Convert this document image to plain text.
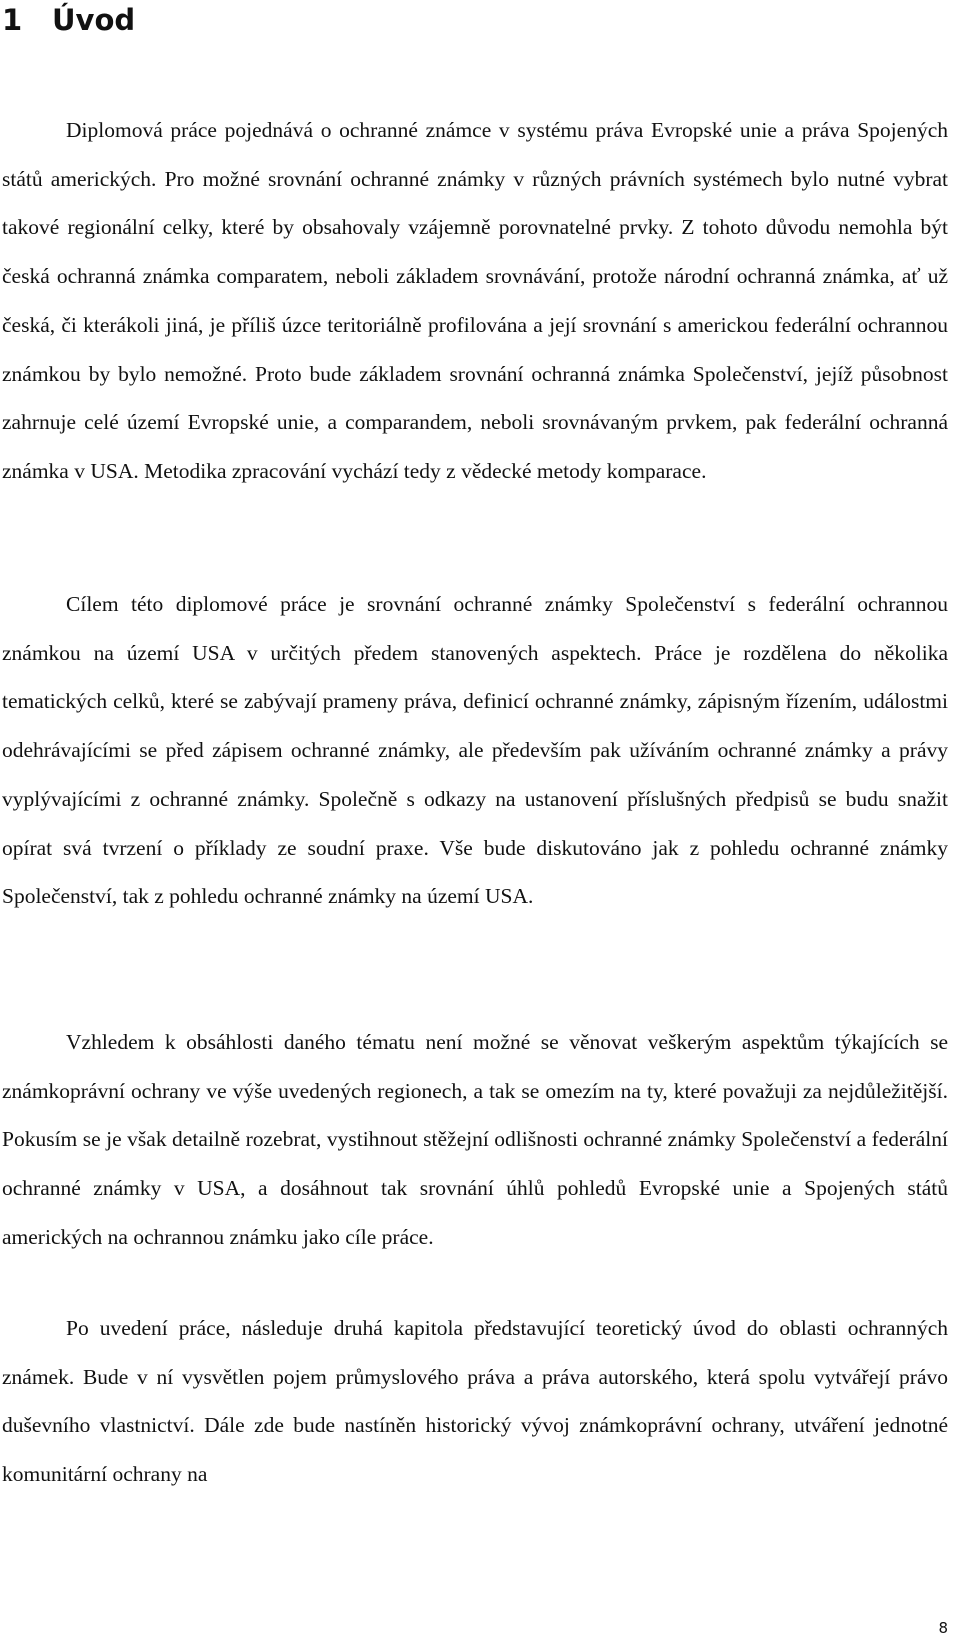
1 Úvod

Diplomová práce pojednává o ochranné známce v systému práva Evropské unie a práva Spojených států amerických. Pro možné srovnání ochranné známky v různých právních systémech bylo nutné vybrat takové regionální celky, které by obsahovaly vzájemně porovnatelné prvky. Z tohoto důvodu nemohla být česká ochranná známka comparatem, neboli základem srovnávání, protože národní ochranná známka, ať už česká, či kterákoli jiná, je příliš úzce teritoriálně profilována a její srovnání s americkou federální ochrannou známkou by bylo nemožné. Proto bude základem srovnání ochranná známka Společenství, jejíž působnost zahrnuje celé území Evropské unie, a comparandem, neboli srovnávaným prvkem, pak federální ochranná známka v USA. Metodika zpracování vychází tedy z vědecké metody komparace.

Cílem této diplomové práce je srovnání ochranné známky Společenství s federální ochrannou známkou na území USA v určitých předem stanovených aspektech. Práce je rozdělena do několika tematických celků, které se zabývají prameny práva, definicí ochranné známky, zápisným řízením, událostmi odehrávajícími se před zápisem ochranné známky, ale především pak užíváním ochranné známky a právy vyplývajícími z ochranné známky. Společně s odkazy na ustanovení příslušných předpisů se budu snažit opírat svá tvrzení o příklady ze soudní praxe. Vše bude diskutováno jak z pohledu ochranné známky Společenství, tak z pohledu ochranné známky na území USA.

Vzhledem k obsáhlosti daného tématu není možné se věnovat veškerým aspektům týkajících se známkoprávní ochrany ve výše uvedených regionech, a tak se omezím na ty, které považuji za nejdůležitější. Pokusím se je však detailně rozebrat, vystihnout stěžejní odlišnosti ochranné známky Společenství a federální ochranné známky v USA, a dosáhnout tak srovnání úhlů pohledů Evropské unie a Spojených států amerických na ochrannou známku jako cíle práce.

Po uvedení práce, následuje druhá kapitola představující teoretický úvod do oblasti ochranných známek. Bude v ní vysvětlen pojem průmyslového práva a práva autorského, která spolu vytvářejí právo duševního vlastnictví. Dále zde bude nastíněn historický vývoj známkoprávní ochrany, utváření jednotné komunitární ochrany na

8
